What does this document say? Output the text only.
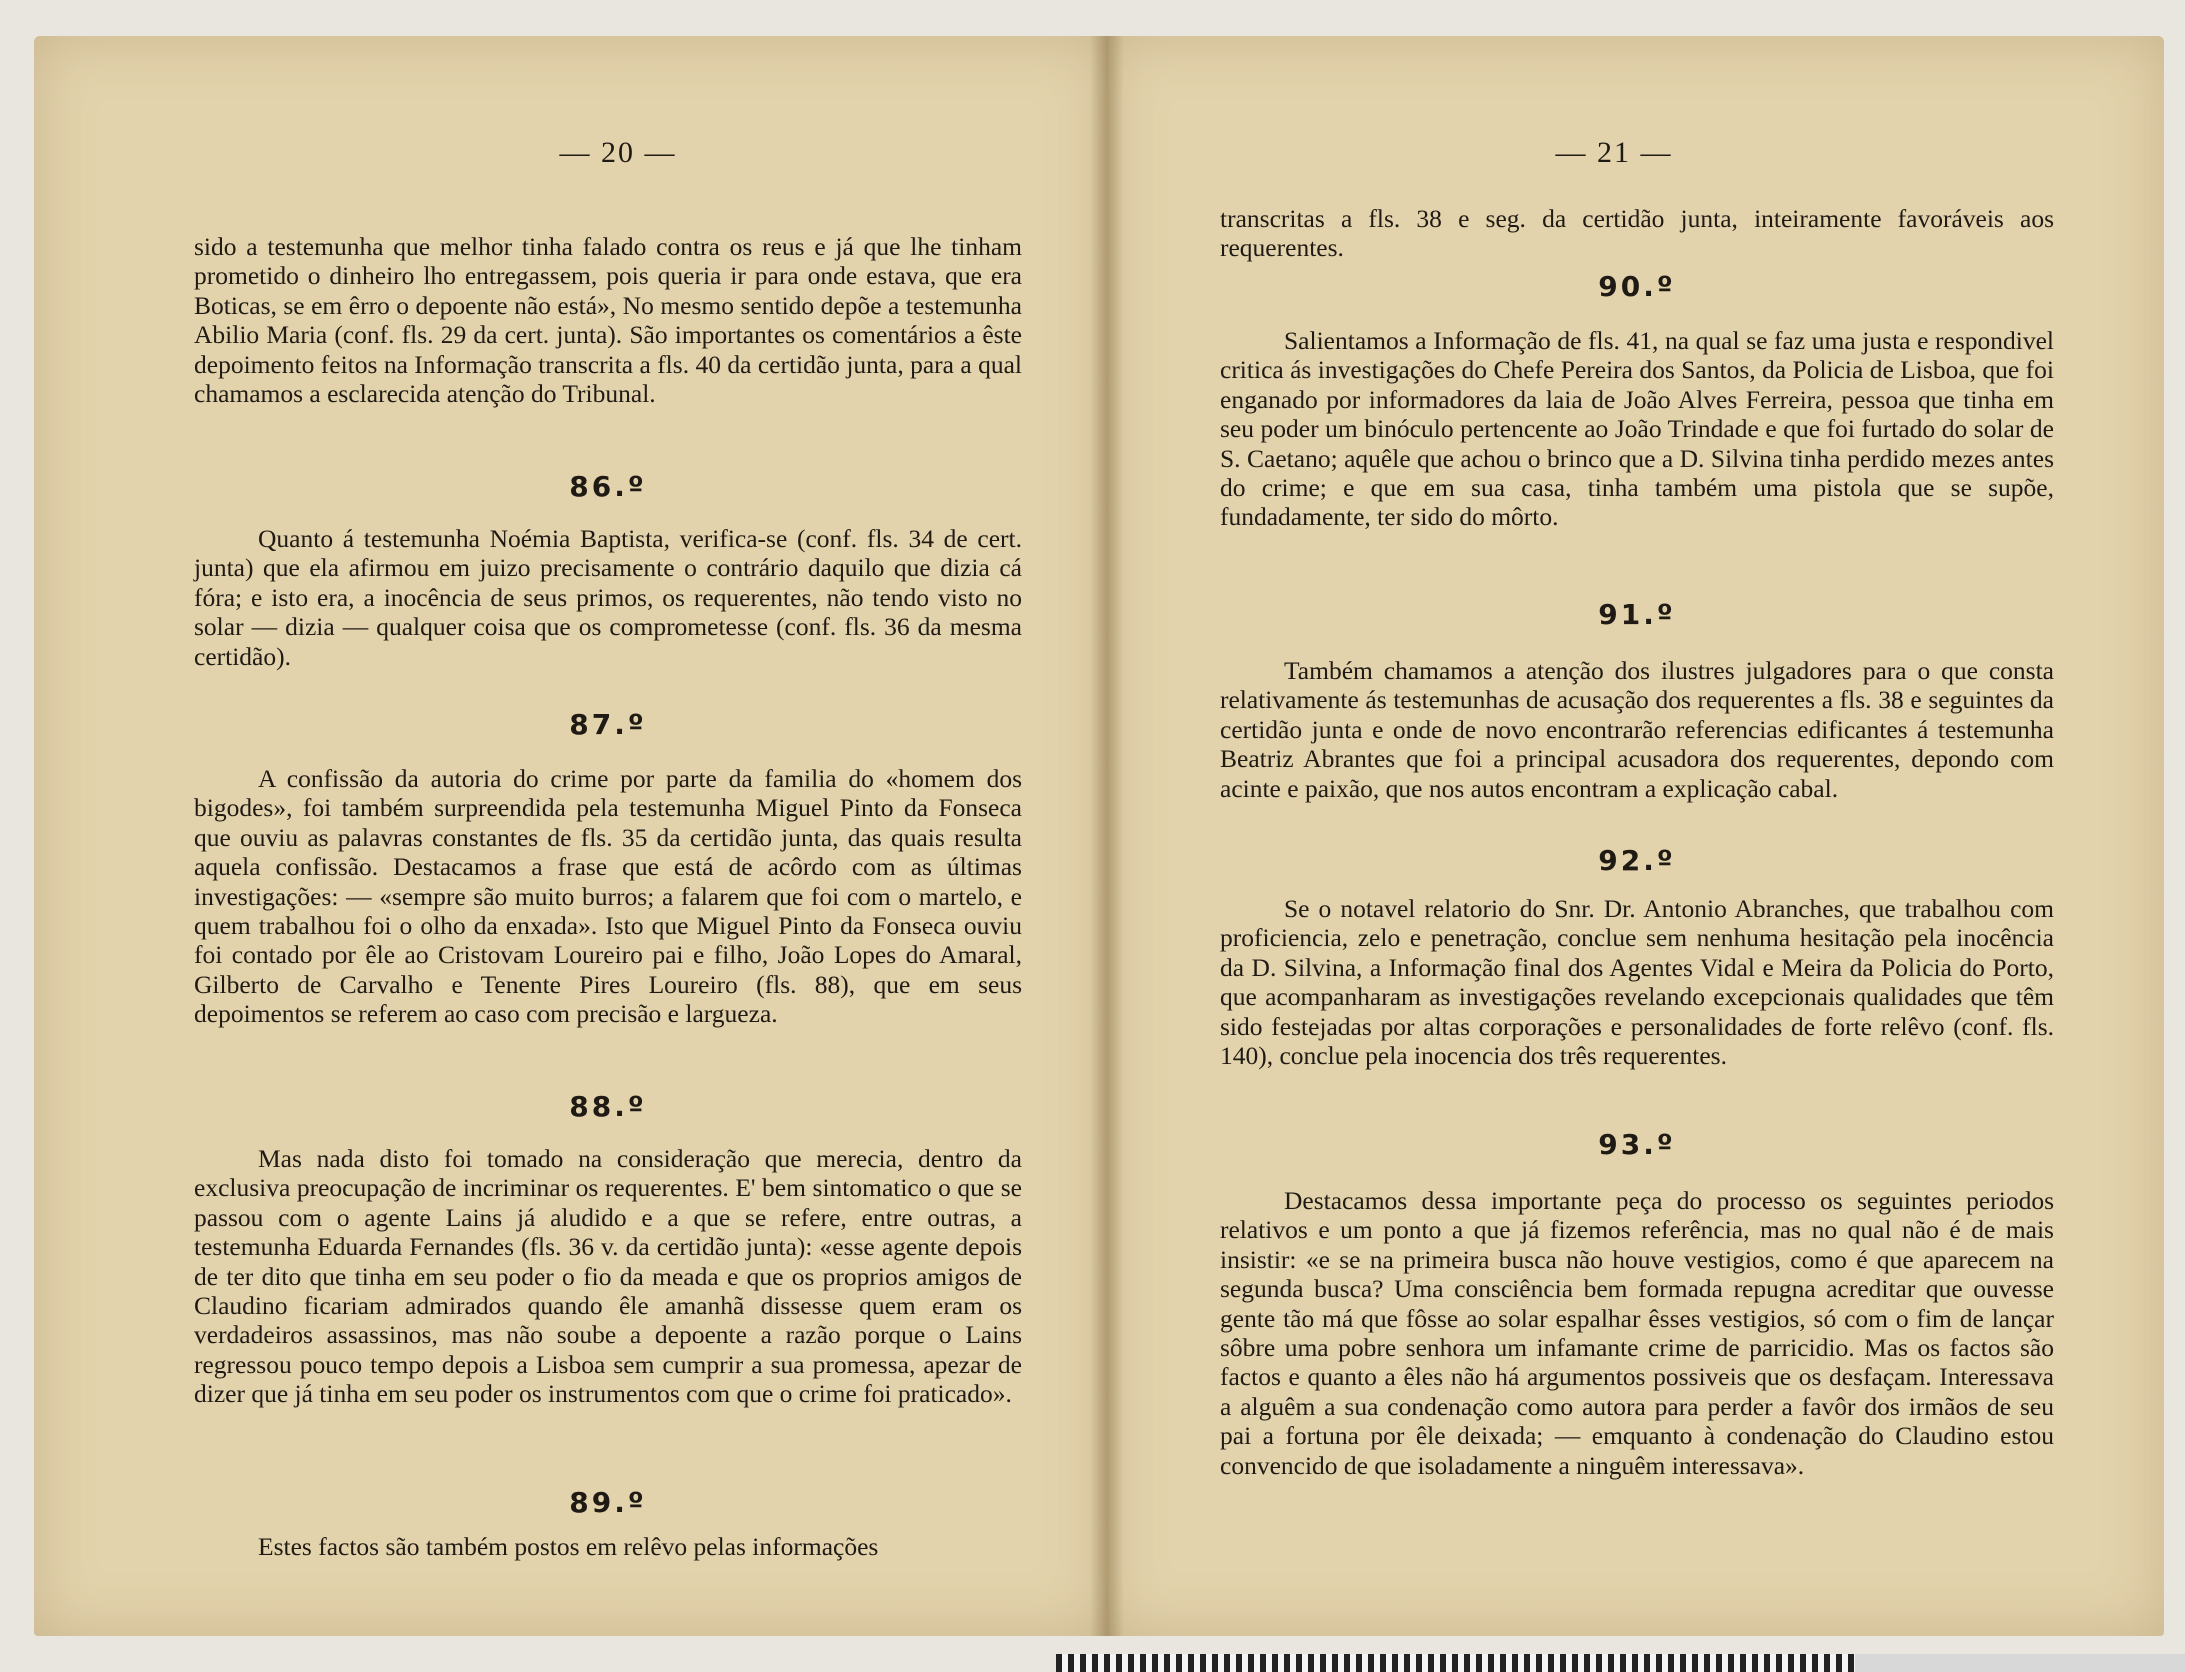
— 20 —

sido a testemunha que melhor tinha falado contra os reus e já que lhe tinham prometido o dinheiro lho entregassem, pois queria ir para onde estava, que era Boticas, se em êrro o depoente não está», No mesmo sentido depõe a testemunha Abilio Maria (conf. fls. 29 da cert. junta). São importantes os comentários a êste depoimento feitos na Informação transcrita a fls. 40 da certidão junta, para a qual chamamos a esclarecida atenção do Tribunal.

86.º

Quanto á testemunha Noémia Baptista, verifica-se (conf. fls. 34 de cert. junta) que ela afirmou em juizo precisamente o contrário daquilo que dizia cá fóra; e isto era, a inocência de seus primos, os requerentes, não tendo visto no solar — dizia — qualquer coisa que os comprometesse (conf. fls. 36 da mesma certidão).

87.º

A confissão da autoria do crime por parte da familia do «homem dos bigodes», foi também surpreendida pela testemunha Miguel Pinto da Fonseca que ouviu as palavras constantes de fls. 35 da certidão junta, das quais resulta aquela confissão. Destacamos a frase que está de acôrdo com as últimas investigações: — «sempre são muito burros; a falarem que foi com o martelo, e quem trabalhou foi o olho da enxada». Isto que Miguel Pinto da Fonseca ouviu foi contado por êle ao Cristovam Loureiro pai e filho, João Lopes do Amaral, Gilberto de Carvalho e Tenente Pires Loureiro (fls. 88), que em seus depoimentos se referem ao caso com precisão e largueza.

88.º

Mas nada disto foi tomado na consideração que merecia, dentro da exclusiva preocupação de incriminar os requerentes. E' bem sintomatico o que se passou com o agente Lains já aludido e a que se refere, entre outras, a testemunha Eduarda Fernandes (fls. 36 v. da certidão junta): «esse agente depois de ter dito que tinha em seu poder o fio da meada e que os proprios amigos de Claudino ficariam admirados quando êle amanhã dissesse quem eram os verdadeiros assassinos, mas não soube a depoente a razão porque o Lains regressou pouco tempo depois a Lisboa sem cumprir a sua promessa, apezar de dizer que já tinha em seu poder os instrumentos com que o crime foi praticado».

89.º

Estes factos são também postos em relêvo pelas informações

— 21 —

transcritas a fls. 38 e seg. da certidão junta, inteiramente favoráveis aos requerentes.

90.º

Salientamos a Informação de fls. 41, na qual se faz uma justa e respondivel critica ás investigações do Chefe Pereira dos Santos, da Policia de Lisboa, que foi enganado por informadores da laia de João Alves Ferreira, pessoa que tinha em seu poder um binóculo pertencente ao João Trindade e que foi furtado do solar de S. Caetano; aquêle que achou o brinco que a D. Silvina tinha perdido mezes antes do crime; e que em sua casa, tinha também uma pistola que se supõe, fundadamente, ter sido do môrto.

91.º

Também chamamos a atenção dos ilustres julgadores para o que consta relativamente ás testemunhas de acusação dos requerentes a fls. 38 e seguintes da certidão junta e onde de novo encontrarão referencias edificantes á testemunha Beatriz Abrantes que foi a principal acusadora dos requerentes, depondo com acinte e paixão, que nos autos encontram a explicação cabal.

92.º

Se o notavel relatorio do Snr. Dr. Antonio Abranches, que trabalhou com proficiencia, zelo e penetração, conclue sem nenhuma hesitação pela inocência da D. Silvina, a Informação final dos Agentes Vidal e Meira da Policia do Porto, que acompanharam as investigações revelando excepcionais qualidades que têm sido festejadas por altas corporações e personalidades de forte relêvo (conf. fls. 140), conclue pela inocencia dos três requerentes.

93.º

Destacamos dessa importante peça do processo os seguintes periodos relativos e um ponto a que já fizemos referência, mas no qual não é de mais insistir: «e se na primeira busca não houve vestigios, como é que aparecem na segunda busca? Uma consciência bem formada repugna acreditar que ouvesse gente tão má que fôsse ao solar espalhar êsses vestigios, só com o fim de lançar sôbre uma pobre senhora um infamante crime de parricidio. Mas os factos são factos e quanto a êles não há argumentos possiveis que os desfaçam. Interessava a alguêm a sua condenação como autora para perder a favôr dos irmãos de seu pai a fortuna por êle deixada; — emquanto à condenação do Claudino estou convencido de que isoladamente a ninguêm interessava».
